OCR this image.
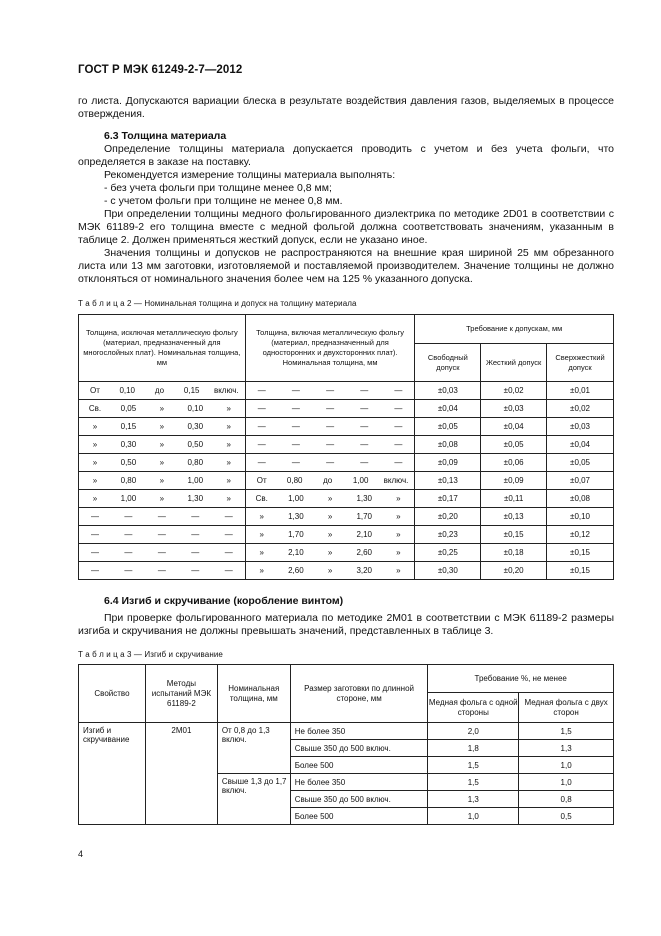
ГОСТ Р МЭК 61249-2-7—2012
го листа. Допускаются вариации блеска в результате воздействия давления газов, выделяемых в процессе отверждения.
6.3 Толщина материала
Определение толщины материала допускается проводить с учетом и без учета фольги, что определяется в заказе на поставку.
Рекомендуется измерение толщины материала выполнять:
- без учета фольги при толщине менее 0,8 мм;
- с учетом фольги при толщине не менее 0,8 мм.
При определении толщины медного фольгированного диэлектрика по методике 2D01 в соответствии с МЭК 61189-2 его толщина вместе с медной фольгой должна соответствовать значениям, указанным в таблице 2. Должен применяться жесткий допуск, если не указано иное.
Значения толщины и допусков не распространяются на внешние края шириной 25 мм обрезанного листа или 13 мм заготовки, изготовляемой и поставляемой производителем. Значение толщины не должно отклоняться от номинального значения более чем на 125 % указанного допуска.
Т а б л и ц а 2 — Номинальная толщина и допуск на толщину материала
Толщина, исключая металлическую фольгу (материал, предназначенный для многослойных плат). Номинальная толщина, мм	Толщина, включая металлическую фольгу (материал, предназначенный для односторонних и двухсторонних плат). Номинальная толщина, мм	Требование к допускам, мм		
		Свободный допуск	Жесткий допуск	Сверхжесткий допуск

От 0,10 до 0,15 включ.	— — — — —	±0,03	±0,02	±0,01

Св. 0,05 » 0,10 »	— — — — —	±0,04	±0,03	±0,02

» 0,15 » 0,30 »	— — — — —	±0,05	±0,04	±0,03

» 0,30 » 0,50 »	— — — — —	±0,08	±0,05	±0,04

» 0,50 » 0,80 »	— — — — —	±0,09	±0,06	±0,05

» 0,80 » 1,00 »	От 0,80 до 1,00 включ.	±0,13	±0,09	±0,07

» 1,00 » 1,30 »	Св. 1,00 » 1,30 »	±0,17	±0,11	±0,08

— — — — —	» 1,30 » 1,70 »	±0,20	±0,13	±0,10

— — — — —	» 1,70 » 2,10 »	±0,23	±0,15	±0,12

— — — — —	» 2,10 » 2,60 »	±0,25	±0,18	±0,15

— — — — —	» 2,60 » 3,20 »	±0,30	±0,20	±0,15
6.4 Изгиб и скручивание (коробление винтом)
При проверке фольгированного материала по методике 2M01 в соответствии с МЭК 61189-2 размеры изгиба и скручивания не должны превышать значений, представленных в таблице 3.
Т а б л и ц а 3 — Изгиб и скручивание
Свойство	Методы испытаний МЭК 61189-2	Номинальная толщина, мм	Размер заготовки по длинной стороне, мм	Требование %, не менее	
				Медная фольга с одной стороны	Медная фольга с двух сторон
Изгиб и скручивание	2M01	От 0,8 до 1,3 включ.	Не более 350	2,0	1,5
			Свыше 350 до 500 включ.	1,8	1,3
			Более 500	1,5	1,0
		Свыше 1,3 до 1,7 включ.	Не более 350	1,5	1,0
			Свыше 350 до 500 включ.	1,3	0,8
			Более 500	1,0	0,5
4
